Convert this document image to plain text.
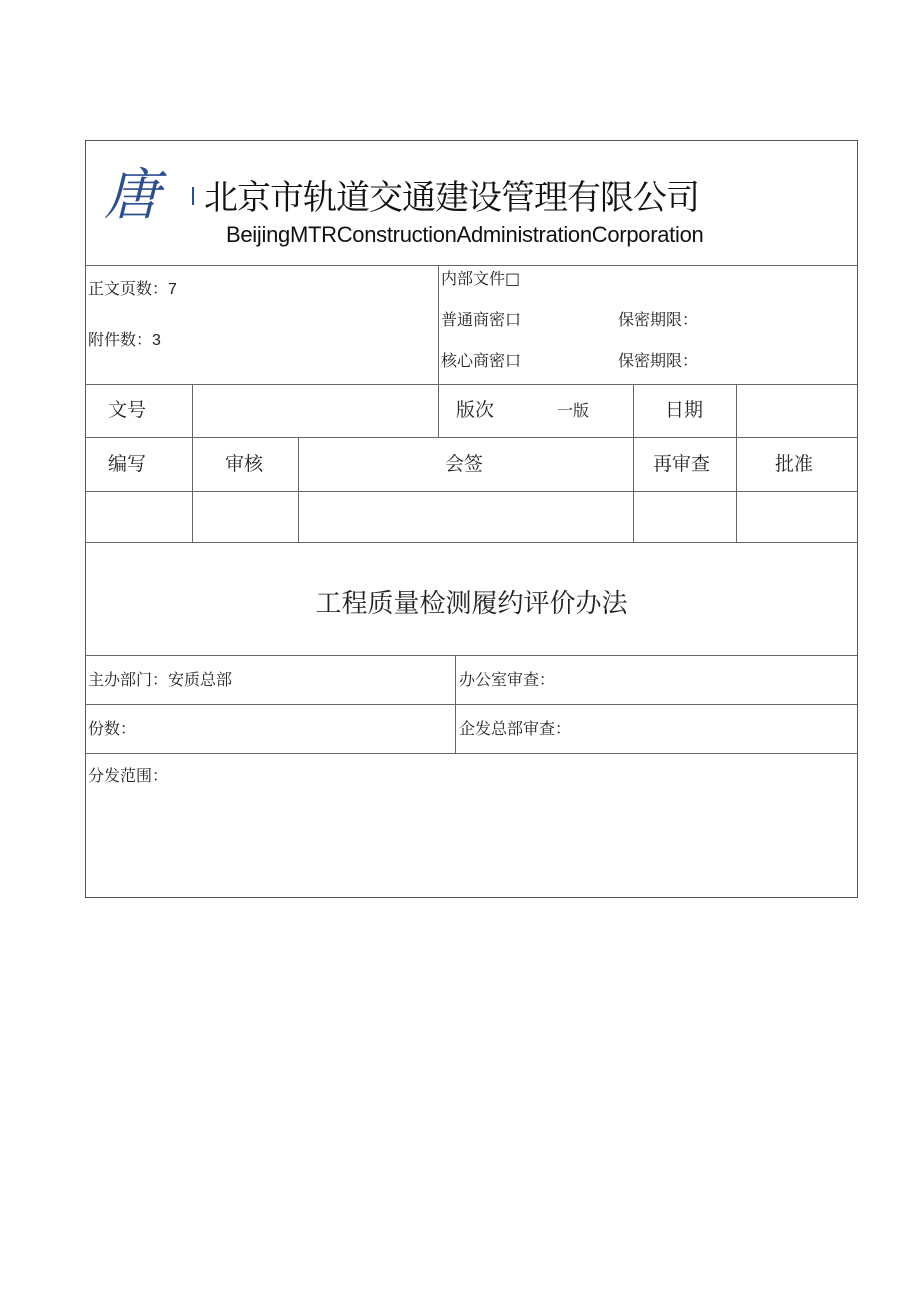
唐 北京市轨道交通建设管理有限公司
BeijingMTRConstructionAdministrationCorporation
正文页数：7
附件数：3
内部文件□
普通商密口	保密期限：
核心商密口	保密期限：
文号	版次	一版	日期
编写	审核	会签	再审查	批准
工程质量检测履约评价办法
主办部门：安质总部	办公室审查：
份数：	企发总部审查：
分发范围：
